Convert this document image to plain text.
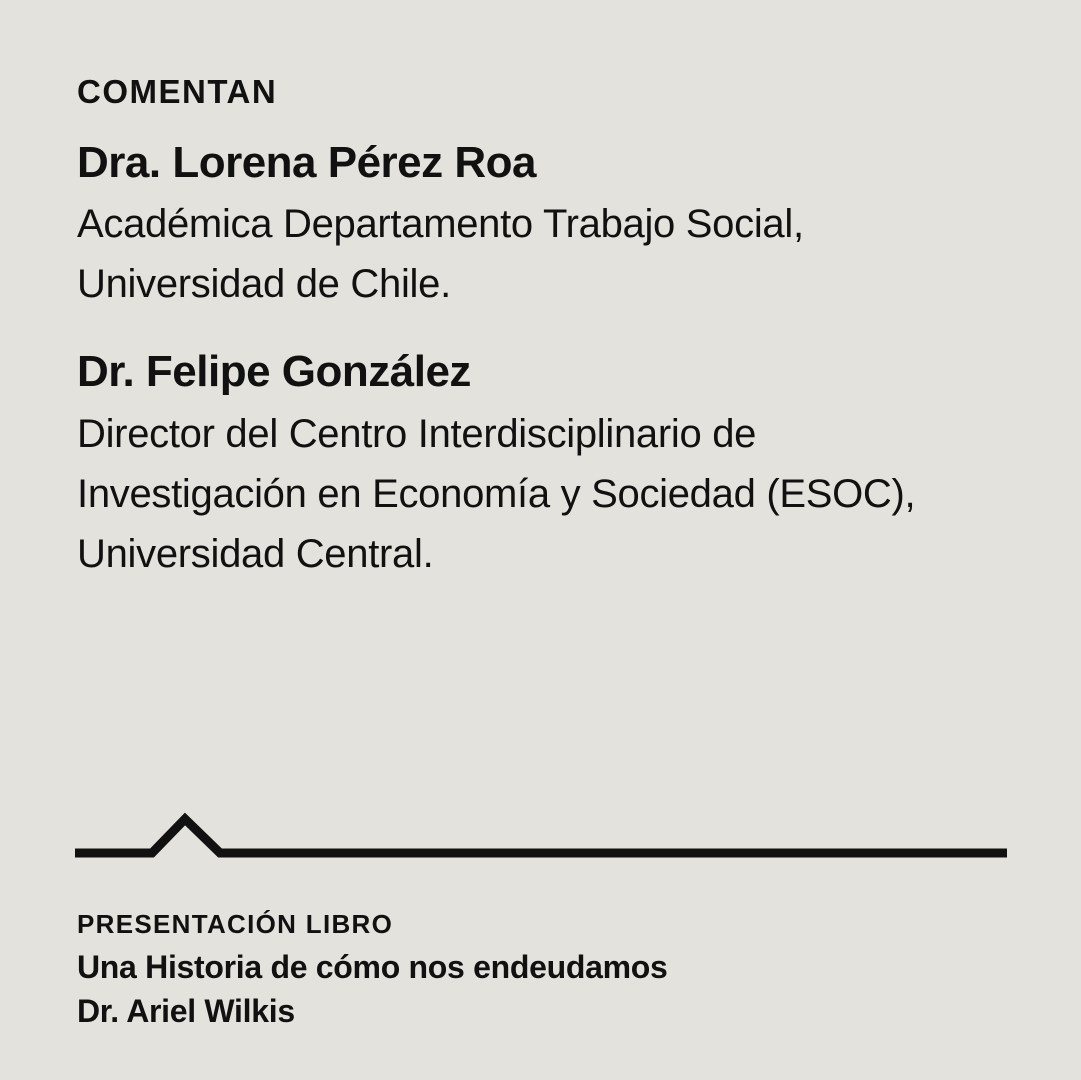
COMENTAN
Dra. Lorena Pérez Roa
Académica Departamento Trabajo Social,
Universidad de Chile.
Dr. Felipe González
Director del Centro Interdisciplinario de
Investigación en Economía y Sociedad (ESOC),
Universidad Central.
PRESENTACIÓN LIBRO
Una Historia de cómo nos endeudamos
Dr. Ariel Wilkis
